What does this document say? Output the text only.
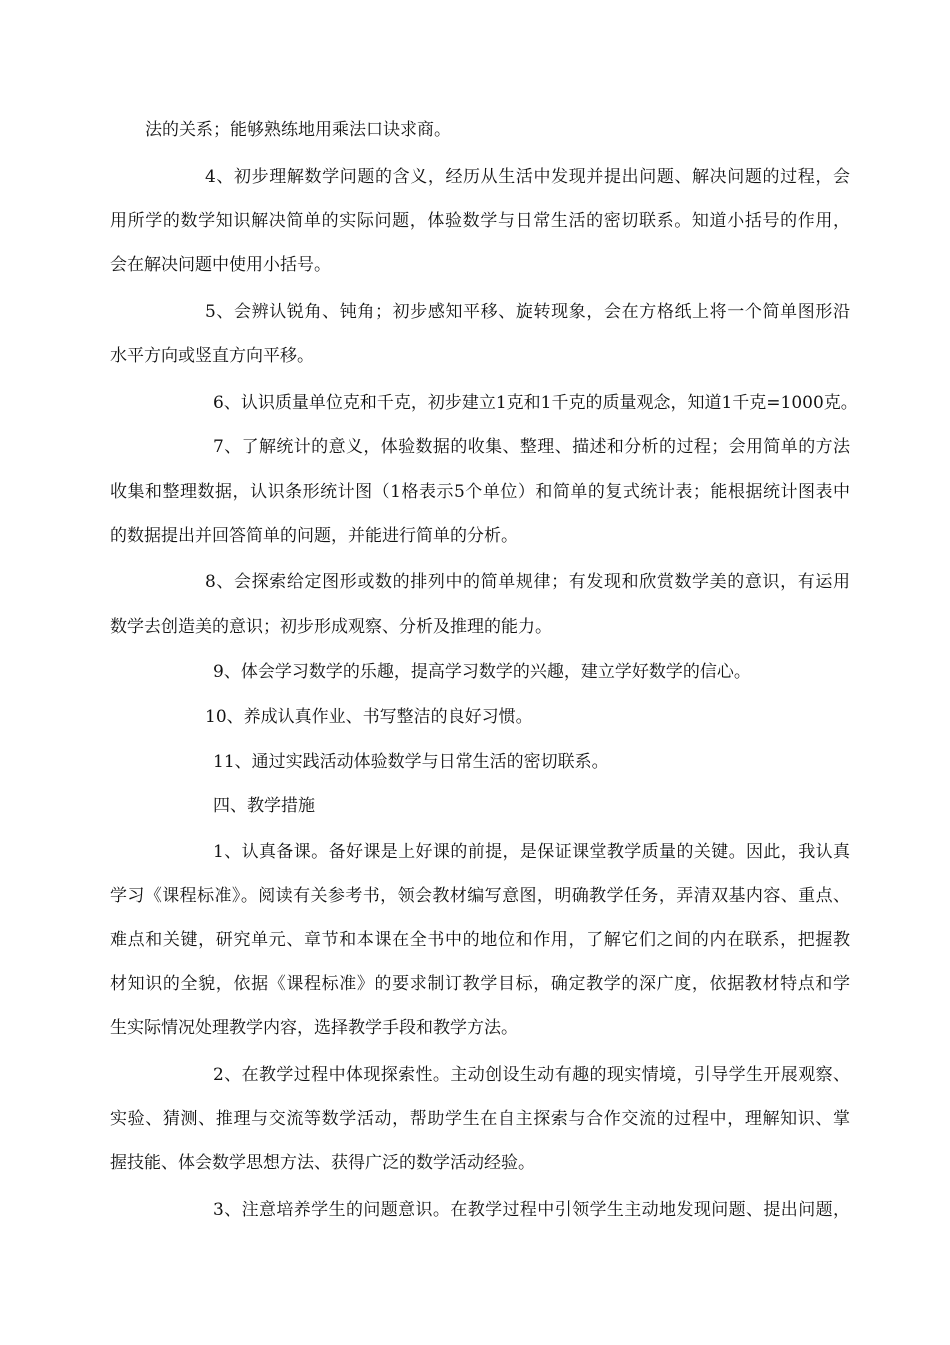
法的关系；能够熟练地用乘法口诀求商。
4、初步理解数学问题的含义，经历从生活中发现并提出问题、解决问题的过程，会
用所学的数学知识解决简单的实际问题，体验数学与日常生活的密切联系。知道小括号的作用，
会在解决问题中使用小括号。
5、会辨认锐角、钝角；初步感知平移、旋转现象，会在方格纸上将一个简单图形沿
水平方向或竖直方向平移。
6、认识质量单位克和千克，初步建立1克和1千克的质量观念，知道1千克=1000克。
7、了解统计的意义，体验数据的收集、整理、描述和分析的过程；会用简单的方法
收集和整理数据，认识条形统计图（1格表示5个单位）和简单的复式统计表；能根据统计图表中
的数据提出并回答简单的问题，并能进行简单的分析。
8、会探索给定图形或数的排列中的简单规律；有发现和欣赏数学美的意识，有运用
数学去创造美的意识；初步形成观察、分析及推理的能力。
9、体会学习数学的乐趣，提高学习数学的兴趣，建立学好数学的信心。
10、养成认真作业、书写整洁的良好习惯。
11、通过实践活动体验数学与日常生活的密切联系。
四、教学措施
1、认真备课。备好课是上好课的前提，是保证课堂教学质量的关键。因此，我认真
学习《课程标准》。阅读有关参考书，领会教材编写意图，明确教学任务，弄清双基内容、重点、
难点和关键，研究单元、章节和本课在全书中的地位和作用，了解它们之间的内在联系，把握教
材知识的全貌，依据《课程标准》的要求制订教学目标，确定教学的深广度，依据教材特点和学
生实际情况处理教学内容，选择教学手段和教学方法。
2、在教学过程中体现探索性。主动创设生动有趣的现实情境，引导学生开展观察、
实验、猜测、推理与交流等数学活动，帮助学生在自主探索与合作交流的过程中，理解知识、掌
握技能、体会数学思想方法、获得广泛的数学活动经验。
3、注意培养学生的问题意识。在教学过程中引领学生主动地发现问题、提出问题，
